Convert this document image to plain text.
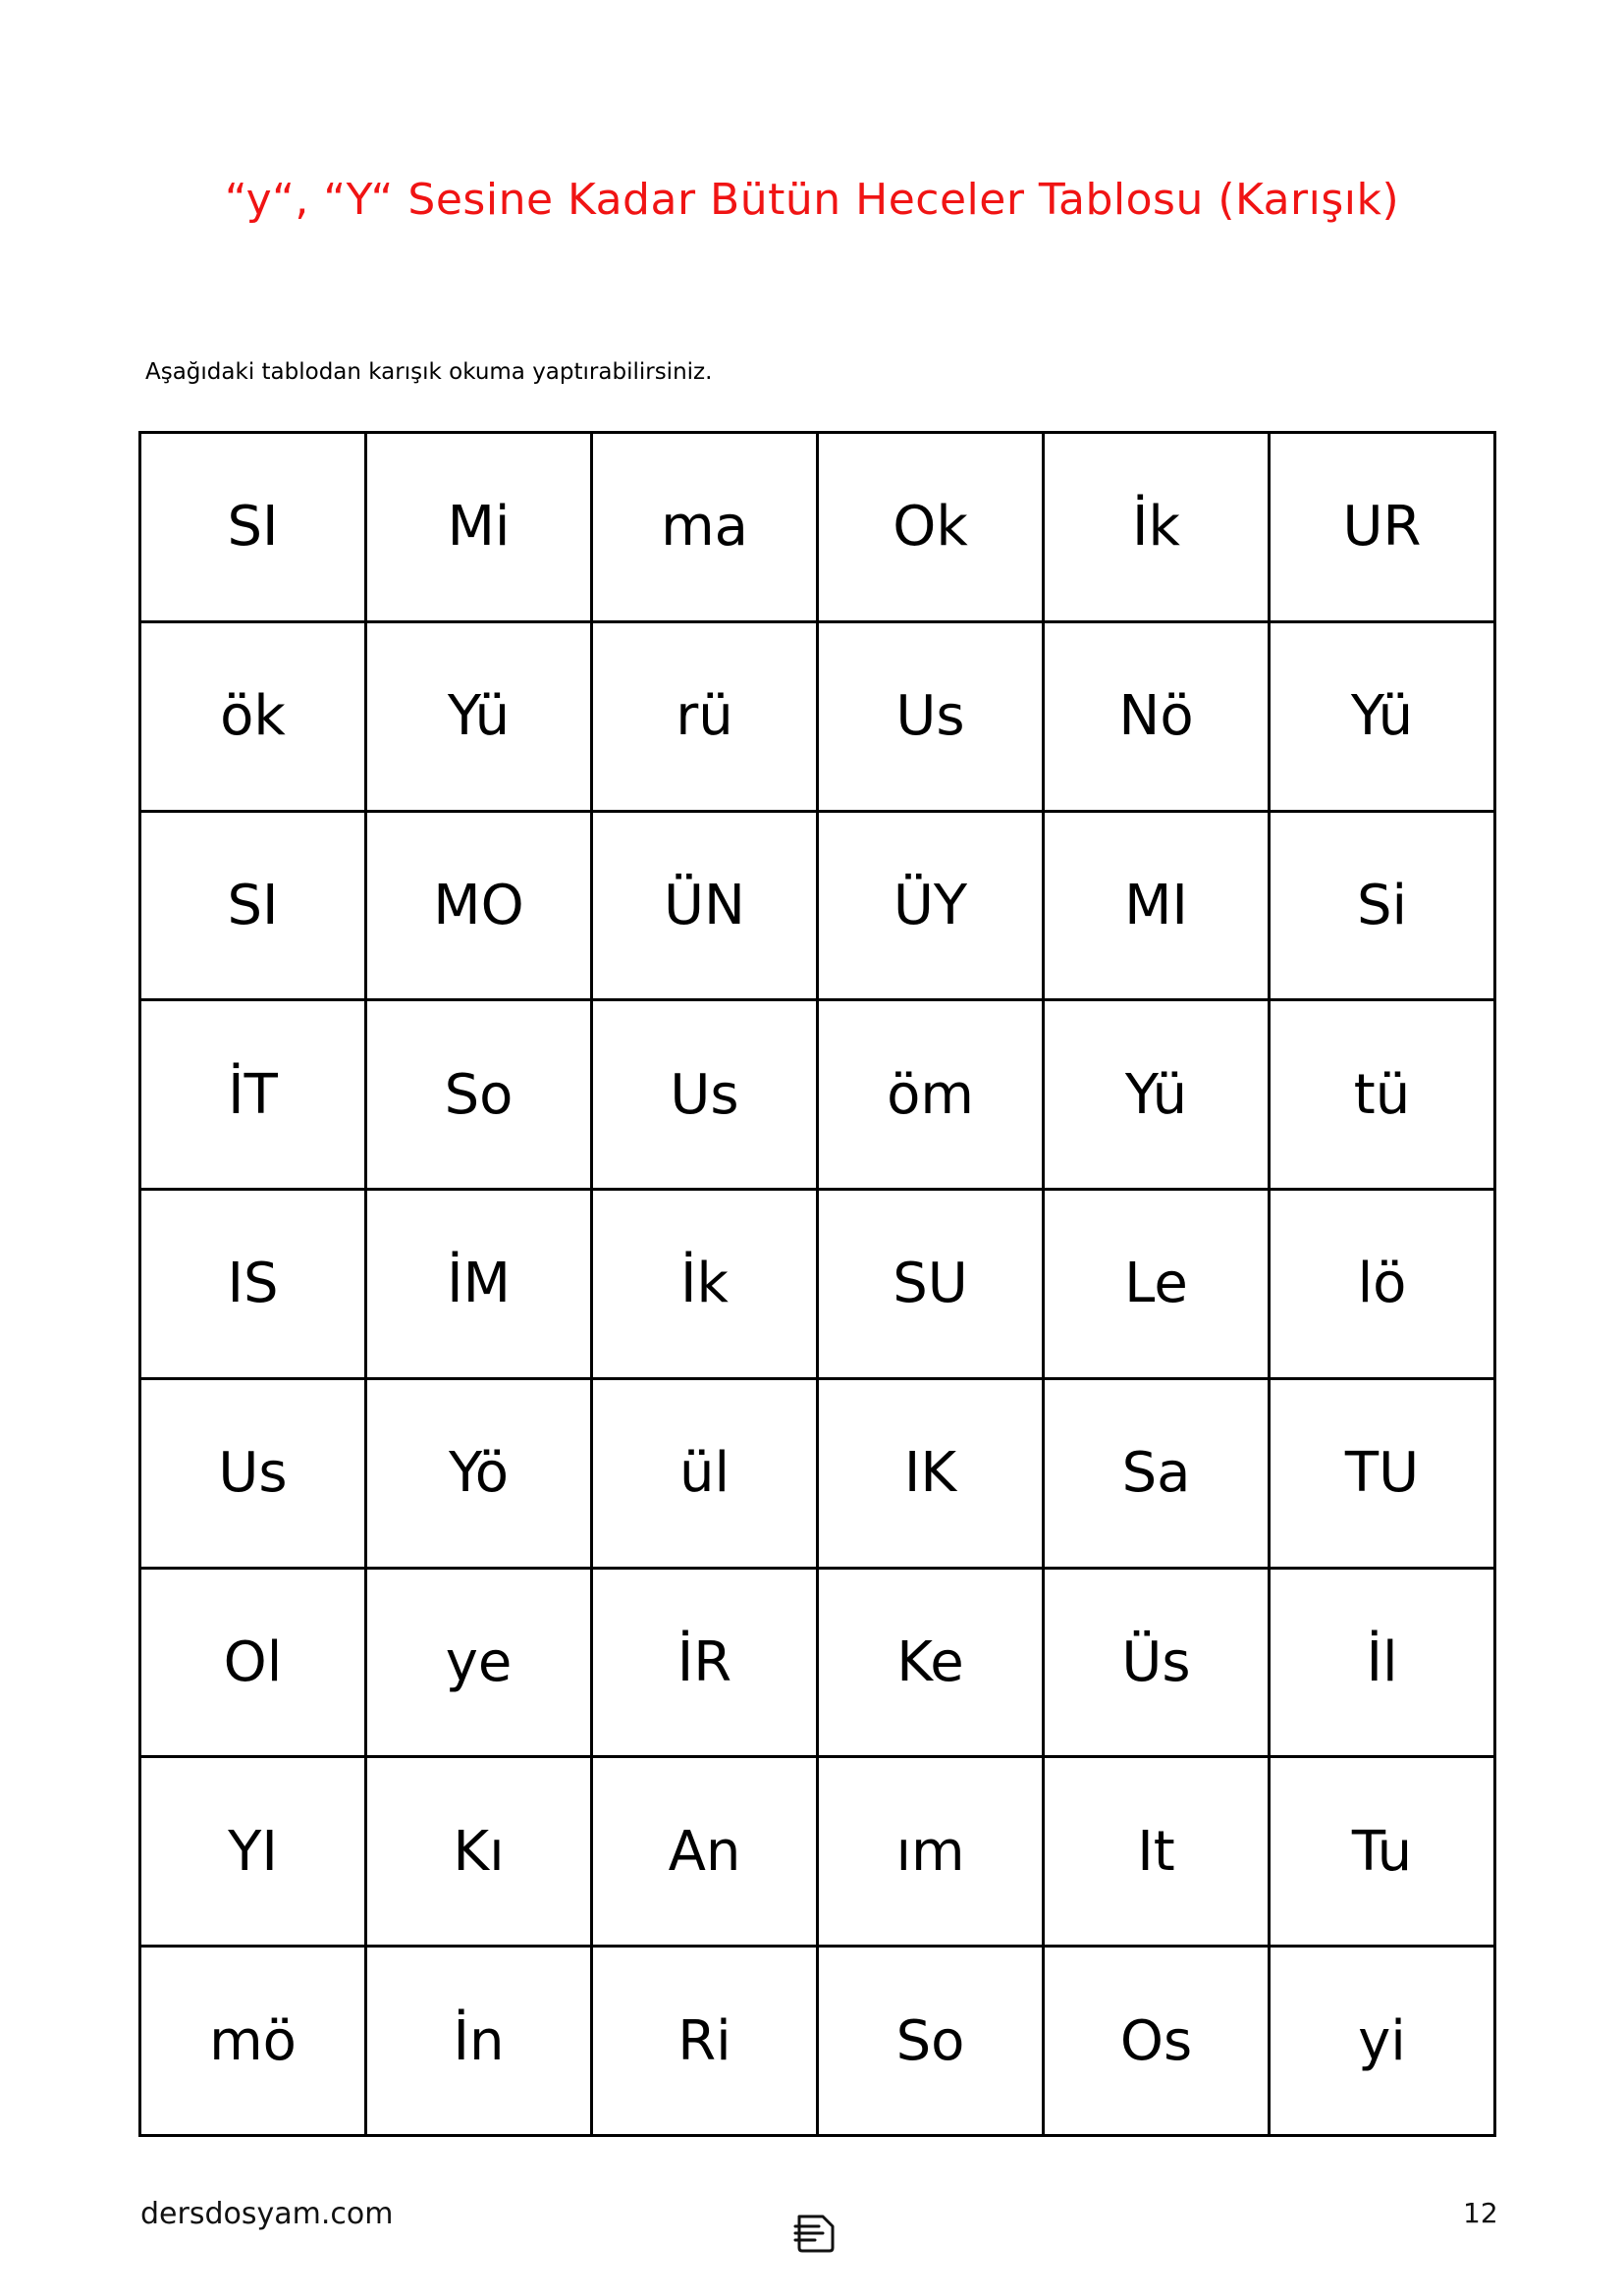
“y“, “Y“ Sesine Kadar Bütün Heceler Tablosu (Karışık)
Aşağıdaki tablodan karışık okuma yaptırabilirsiniz.
SI	Mi	ma	Ok	İk	UR
ök	Yü	rü	Us	Nö	Yü
SI	MO	ÜN	ÜY	MI	Si
İT	So	Us	öm	Yü	tü
IS	İM	İk	SU	Le	lö
Us	Yö	ül	IK	Sa	TU
Ol	ye	İR	Ke	Üs	İl
YI	Kı	An	ım	It	Tu
mö	İn	Ri	So	Os	yi
dersdosyam.com	12
